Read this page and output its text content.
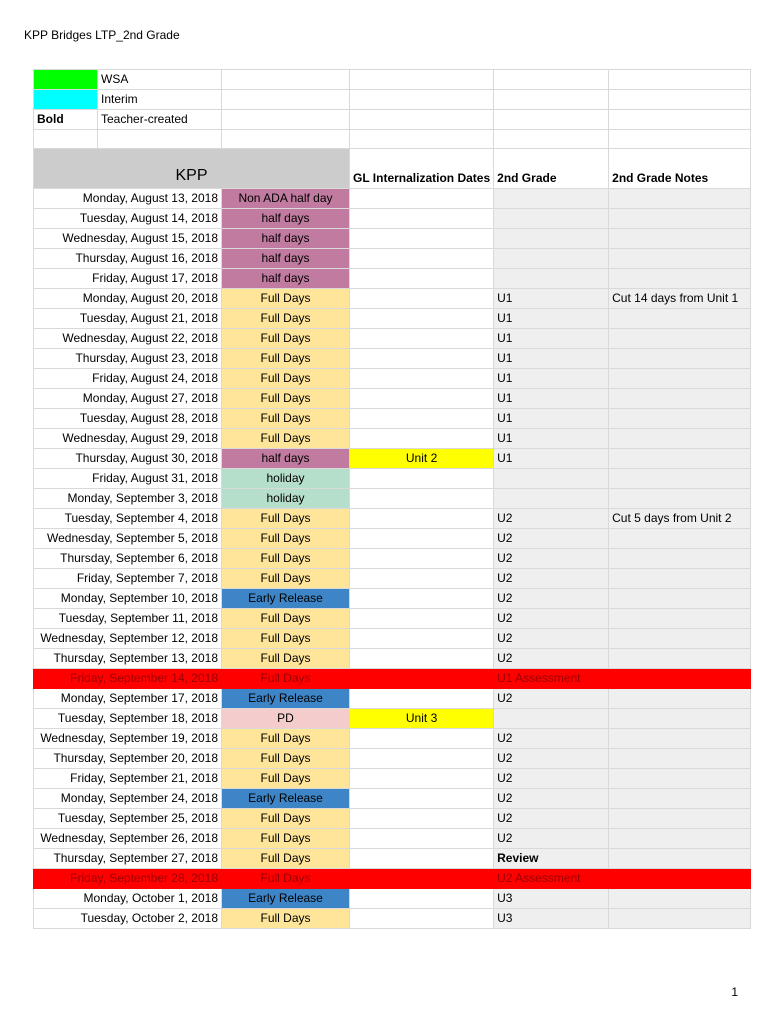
KPP Bridges LTP_2nd Grade
	WSA				
	Interim				
Bold	Teacher-created				

KPP			GL Internalization Dates	2nd Grade	2nd Grade Notes
Monday, August 13, 2018		Non ADA half day			
Tuesday, August 14, 2018		half days			
Wednesday, August 15, 2018		half days			
Thursday, August 16, 2018		half days			
Friday, August 17, 2018		half days			
Monday, August 20, 2018		Full Days		U1	Cut 14 days from Unit 1
Tuesday, August 21, 2018		Full Days		U1	
Wednesday, August 22, 2018		Full Days		U1	
Thursday, August 23, 2018		Full Days		U1	
Friday, August 24, 2018		Full Days		U1	
Monday, August 27, 2018		Full Days		U1	
Tuesday, August 28, 2018		Full Days		U1	
Wednesday, August 29, 2018		Full Days		U1	
Thursday, August 30, 2018		half days	Unit 2	U1	
Friday, August 31, 2018		holiday			
Monday, September 3, 2018		holiday			
Tuesday, September 4, 2018		Full Days		U2	Cut 5 days from Unit 2
Wednesday, September 5, 2018		Full Days		U2	
Thursday, September 6, 2018		Full Days		U2	
Friday, September 7, 2018		Full Days		U2	
Monday, September 10, 2018		Early Release		U2	
Tuesday, September 11, 2018		Full Days		U2	
Wednesday, September 12, 2018		Full Days		U2	
Thursday, September 13, 2018		Full Days		U2	
Friday, September 14, 2018		Full Days		U1 Assessment	
Monday, September 17, 2018		Early Release		U2	
Tuesday, September 18, 2018		PD	Unit 3		
Wednesday, September 19, 2018		Full Days		U2	
Thursday, September 20, 2018		Full Days		U2	
Friday, September 21, 2018		Full Days		U2	
Monday, September 24, 2018		Early Release		U2	
Tuesday, September 25, 2018		Full Days		U2	
Wednesday, September 26, 2018		Full Days		U2	
Thursday, September 27, 2018		Full Days		Review	
Friday, September 28, 2018		Full Days		U2 Assessment	
Monday, October 1, 2018		Early Release		U3	
Tuesday, October 2, 2018		Full Days		U3	
1
